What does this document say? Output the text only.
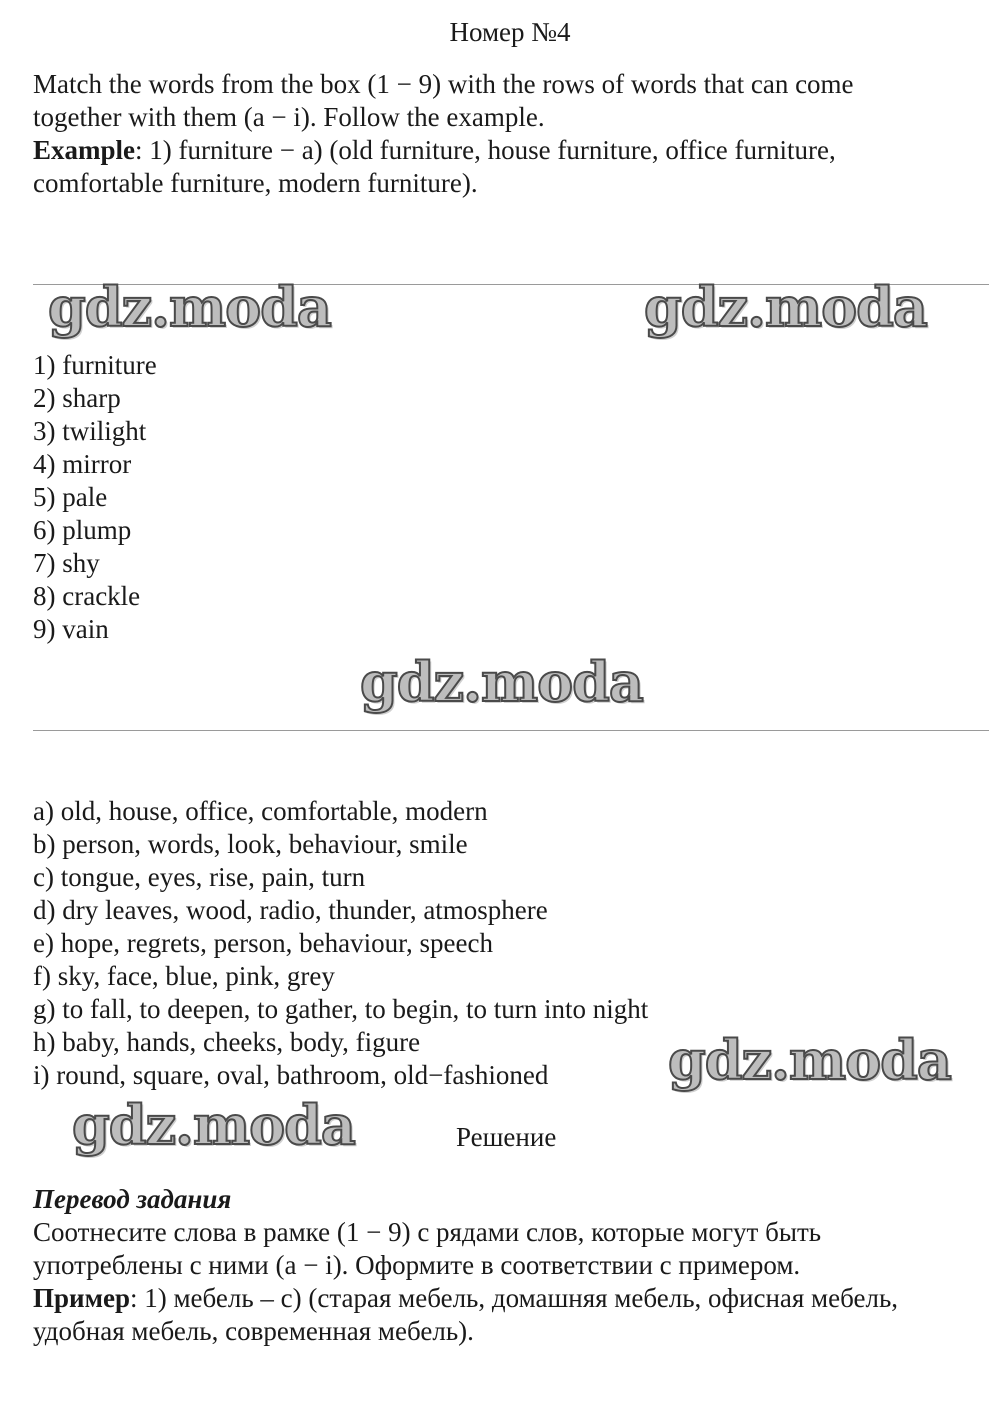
Номер №4
Match the words from the box (1 − 9) with the rows of words that can come
together with them (a − i). Follow the example.
Example: 1) furniture − a) (old furniture, house furniture, office furniture,
comfortable furniture, modern furniture).
gdz.moda	gdz.moda
1) furniture
2) sharp
3) twilight
4) mirror
5) pale
6) plump
7) shy
8) crackle
9) vain
gdz.moda
a) old, house, office, comfortable, modern
b) person, words, look, behaviour, smile
c) tongue, eyes, rise, pain, turn
d) dry leaves, wood, radio, thunder, atmosphere
e) hope, regrets, person, behaviour, speech
f) sky, face, blue, pink, grey
g) to fall, to deepen, to gather, to begin, to turn into night
h) baby, hands, cheeks, body, figure
i) round, square, oval, bathroom, old−fashioned gdz.moda
gdz.moda	Решение
Перевод задания
Соотнесите слова в рамке (1 − 9) с рядами слов, которые могут быть
употреблены с ними (a − i). Оформите в соответствии с примером.
Пример: 1) мебель – c) (старая мебель, домашняя мебель, офисная мебель,
удобная мебель, современная мебель).
